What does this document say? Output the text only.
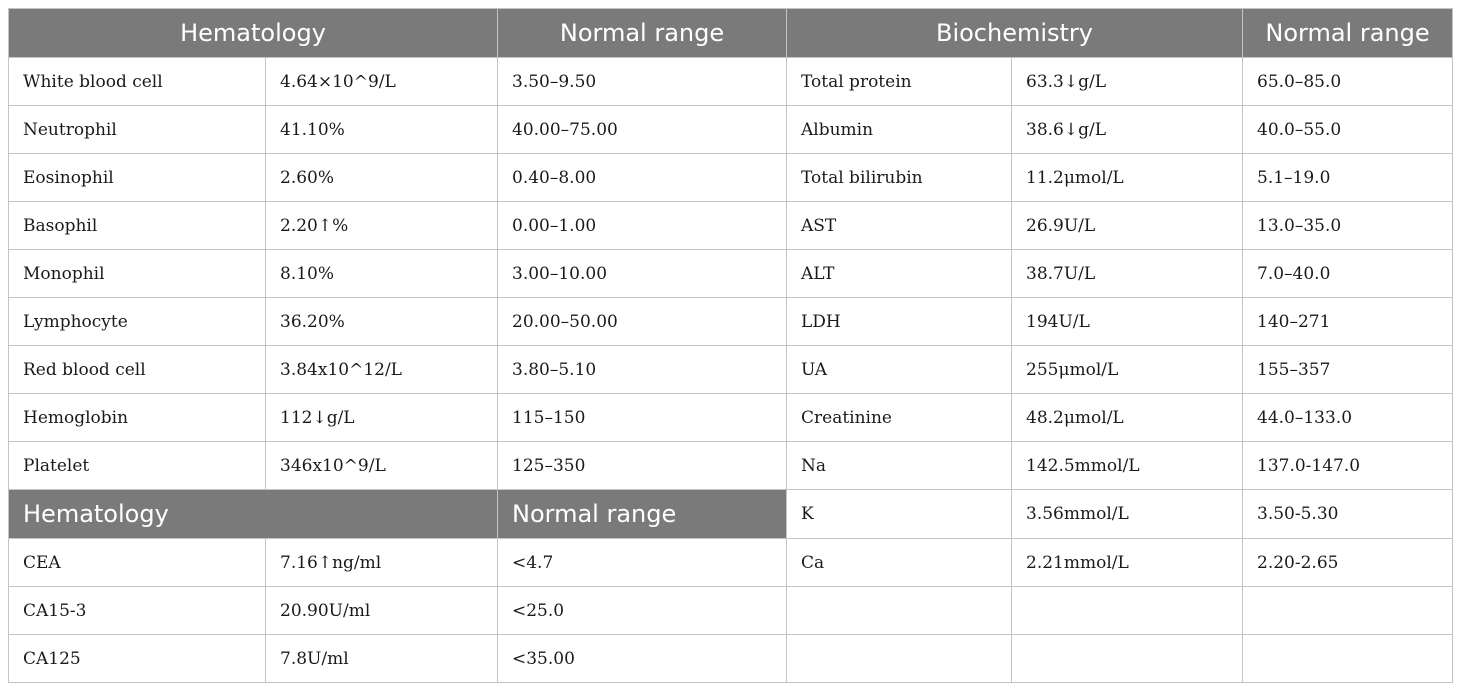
Hematology		Normal range	Biochemistry		Normal range
White blood cell	4.64×10^9/L	3.50–9.50	Total protein	63.3↓g/L	65.0–85.0
Neutrophil	41.10%	40.00–75.00	Albumin	38.6↓g/L	40.0–55.0
Eosinophil	2.60%	0.40–8.00	Total bilirubin	11.2μmol/L	5.1–19.0
Basophil	2.20↑%	0.00–1.00	AST	26.9U/L	13.0–35.0
Monophil	8.10%	3.00–10.00	ALT	38.7U/L	7.0–40.0
Lymphocyte	36.20%	20.00–50.00	LDH	194U/L	140–271
Red blood cell	3.84x10^12/L	3.80–5.10	UA	255μmol/L	155–357
Hemoglobin	112↓g/L	115–150	Creatinine	48.2μmol/L	44.0–133.0
Platelet	346x10^9/L	125–350	Na	142.5mmol/L	137.0-147.0
Hematology		Normal range	K	3.56mmol/L	3.50-5.30
CEA	7.16↑ng/ml	<4.7	Ca	2.21mmol/L	2.20-2.65
CA15-3	20.90U/ml	<25.0			
CA125	7.8U/ml	<35.00			
